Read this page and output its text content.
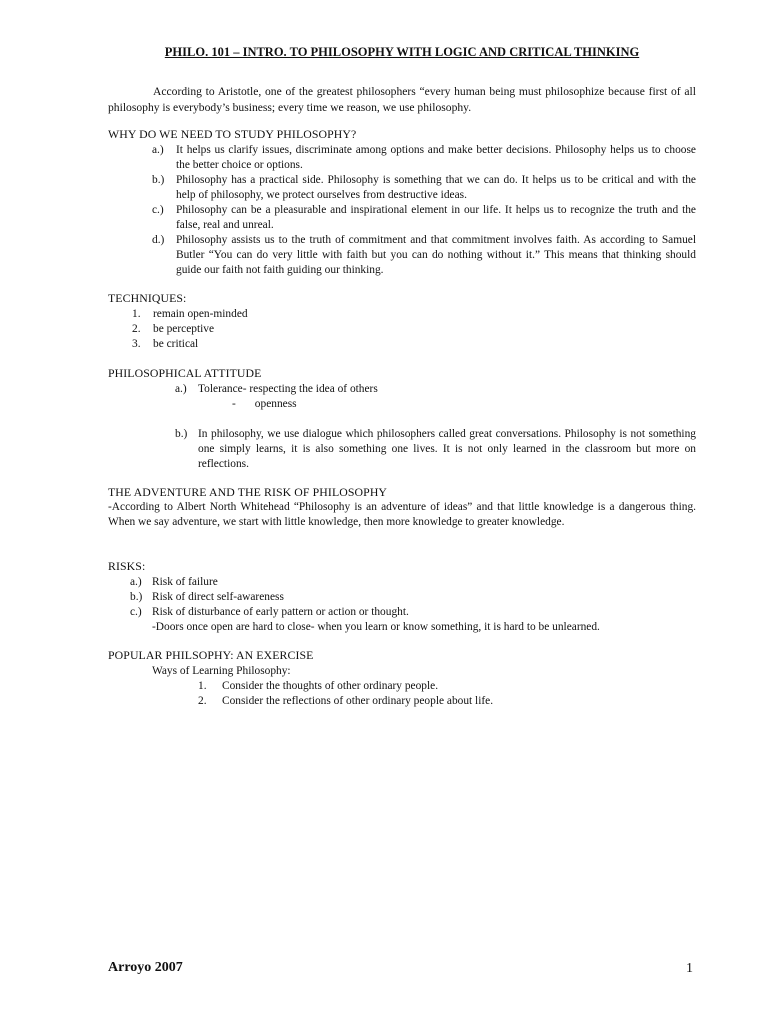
PHILO. 101 – INTRO. TO PHILOSOPHY WITH LOGIC AND CRITICAL THINKING

According to Aristotle, one of the greatest philosophers “every human being must philosophize because first of all philosophy is everybody’s business; every time we reason, we use philosophy.

WHY DO WE NEED TO STUDY PHILOSOPHY?
a.) It helps us clarify issues, discriminate among options and make better decisions. Philosophy helps us to choose the better choice or options.
b.) Philosophy has a practical side. Philosophy is something that we can do. It helps us to be critical and with the help of philosophy, we protect ourselves from destructive ideas.
c.) Philosophy can be a pleasurable and inspirational element in our life. It helps us to recognize the truth and the false, real and unreal.
d.) Philosophy assists us to the truth of commitment and that commitment involves faith. As according to Samuel Butler “You can do very little with faith but you can do nothing without it.” This means that thinking should guide our faith not faith guiding our thinking.
TECHNIQUES:
1. remain open-minded
2. be perceptive
3. be critical
PHILOSOPHICAL ATTITUDE
a.) Tolerance- respecting the idea of others
- openness
b.) In philosophy, we use dialogue which philosophers called great conversations. Philosophy is not something one simply learns, it is also something one lives. It is not only learned in the classroom but more on reflections.
THE ADVENTURE AND THE RISK OF PHILOSOPHY
-According to Albert North Whitehead “Philosophy is an adventure of ideas” and that little knowledge is a dangerous thing. When we say adventure, we start with little knowledge, then more knowledge to greater knowledge.
RISKS:
a.) Risk of failure
b.) Risk of direct self-awareness
c.) Risk of disturbance of early pattern or action or thought.
-Doors once open are hard to close- when you learn or know something, it is hard to be unlearned.
POPULAR PHILSOPHY: AN EXERCISE
Ways of Learning Philosophy:
1. Consider the thoughts of other ordinary people.
2. Consider the reflections of other ordinary people about life.
Arroyo 2007	1
